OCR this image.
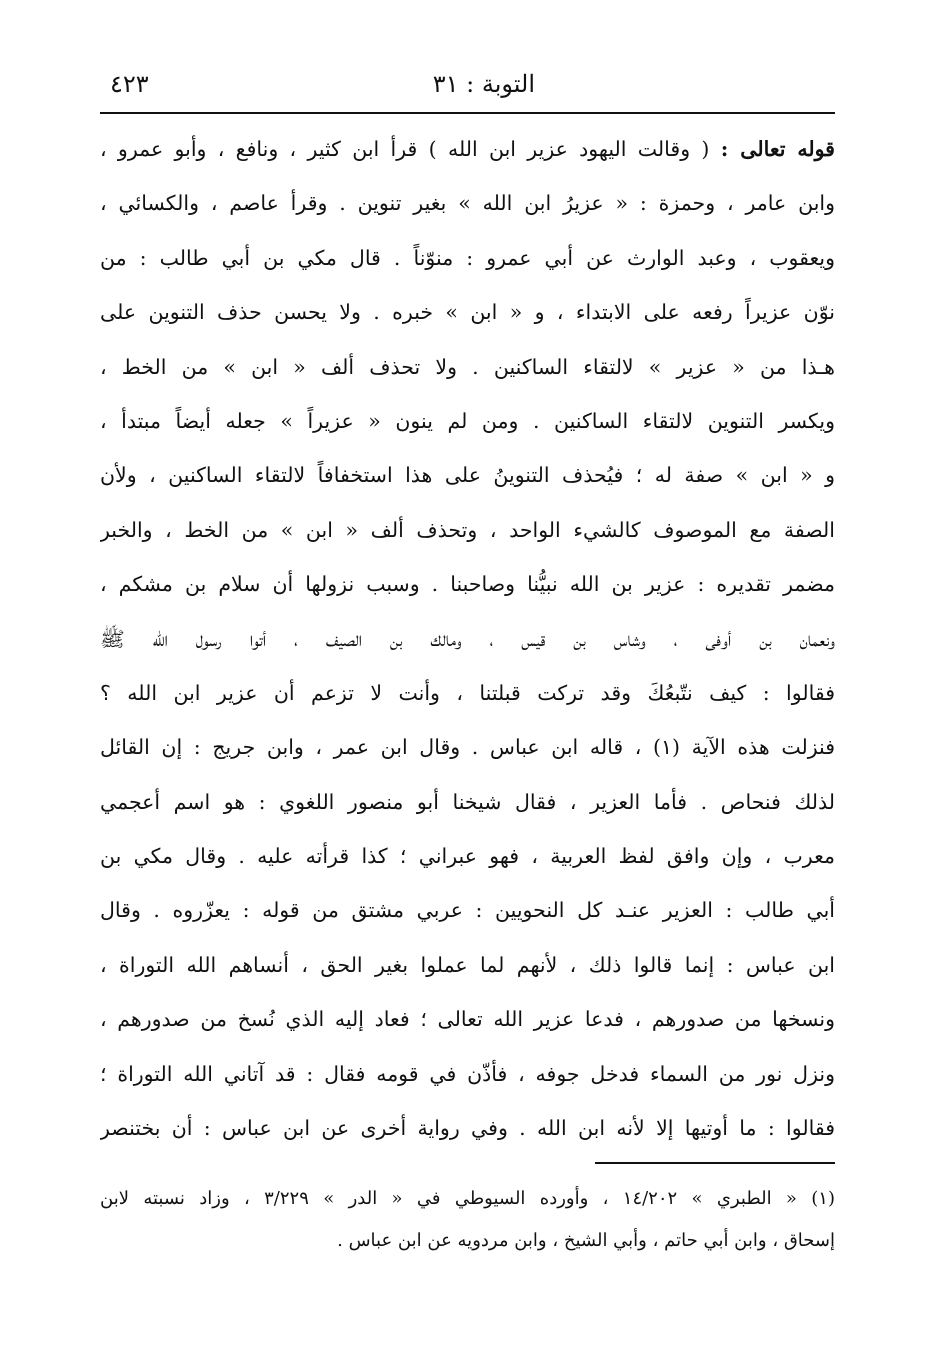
التوبة : ٣١
٤٢٣
قوله تعالى : ( وقالت اليهود عزير ابن الله ) قرأ ابن كثير ، ونافع ، وأبو عمرو ،
وابن عامر ، وحمزة : « عزيرُ ابن الله » بغير تنوين . وقرأ عاصم ، والكسائي ،
ويعقوب ، وعبد الوارث عن أبي عمرو : منوّناً . قال مكي بن أبي طالب : من
نوّن عزيراً رفعه على الابتداء ، و « ابن » خبره . ولا يحسن حذف التنوين على
هـذا من « عزير » لالتقاء الساكنين . ولا تحذف ألف « ابن » من الخط ،
ويكسر التنوين لالتقاء الساكنين . ومن لم ينون « عزيراً » جعله أيضاً مبتدأ ،
و « ابن » صفة له ؛ فيُحذف التنوينُ على هذا استخفافاً لالتقاء الساكنين ، ولأن
الصفة مع الموصوف كالشيء الواحد ، وتحذف ألف « ابن » من الخط ، والخبر
مضمر تقديره : عزير بن الله نبيُّنا وصاحبنا . وسبب نزولها أن سلام بن مشكم ،
ونعمان بن أوفى ، وشاس بن قيس ، ومالك بن الصيف ، أتوا رسول الله ﷺ
فقالوا : كيف نتّبعُكَ وقد تركت قبلتنا ، وأنت لا تزعم أن عزير ابن الله ؟
فنزلت هذه الآية (١) ، قاله ابن عباس . وقال ابن عمر ، وابن جريج : إن القائل
لذلك فنحاص . فأما العزير ، فقال شيخنا أبو منصور اللغوي : هو اسم أعجمي
معرب ، وإن وافق لفظ العربية ، فهو عبراني ؛ كذا قرأته عليه . وقال مكي بن
أبي طالب : العزير عنـد كل النحويين : عربي مشتق من قوله : يعزّروه . وقال
ابن عباس : إنما قالوا ذلك ، لأنهم لما عملوا بغير الحق ، أنساهم الله التوراة ،
ونسخها من صدورهم ، فدعا عزير الله تعالى ؛ فعاد إليه الذي نُسخ من صدورهم ،
ونزل نور من السماء فدخل جوفه ، فأذّن في قومه فقال : قد آتاني الله التوراة ؛
فقالوا : ما أوتيها إلا لأنه ابن الله . وفي رواية أخرى عن ابن عباس : أن بختنصر
(١) « الطبري » ١٤/٢٠٢ ، وأورده السيوطي في « الدر » ٣/٢٢٩ ، وزاد نسبته لابن
إسحاق ، وابن أبي حاتم ، وأبي الشيخ ، وابن مردويه عن ابن عباس .
